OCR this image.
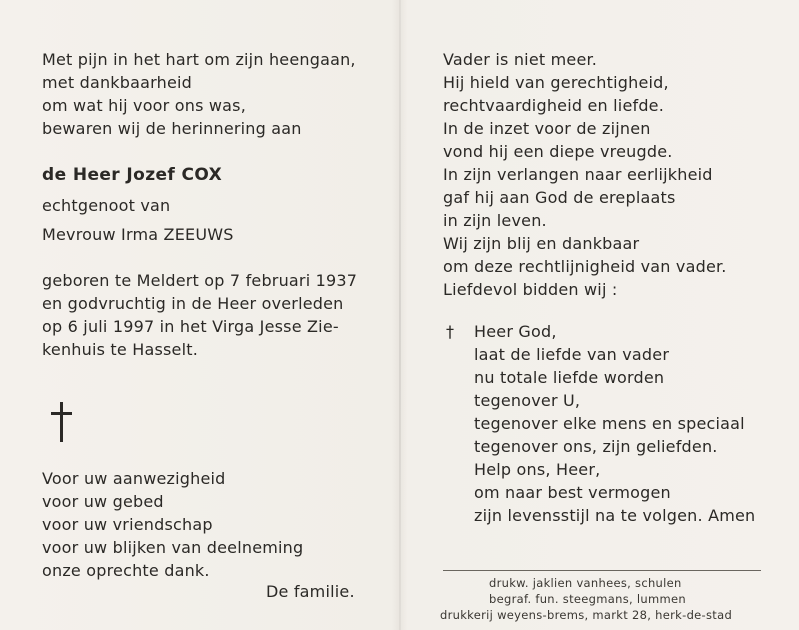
Met pijn in het hart om zijn heengaan,
met dankbaarheid
om wat hij voor ons was,
bewaren wij de herinnering aan
de Heer Jozef COX
echtgenoot van
Mevrouw Irma ZEEUWS
geboren te Meldert op 7 februari 1937
en godvruchtig in de Heer overleden
op 6 juli 1997 in het Virga Jesse Zie-
kenhuis te Hasselt.
Voor uw aanwezigheid
voor uw gebed
voor uw vriendschap
voor uw blijken van deelneming
onze oprechte dank.
De familie.
Vader is niet meer.
Hij hield van gerechtigheid,
rechtvaardigheid en liefde.
In de inzet voor de zijnen
vond hij een diepe vreugde.
In zijn verlangen naar eerlijkheid
gaf hij aan God de ereplaats
in zijn leven.
Wij zijn blij en dankbaar
om deze rechtlijnigheid van vader.
Liefdevol bidden wij :
† Heer God,
laat de liefde van vader
nu totale liefde worden
tegenover U,
tegenover elke mens en speciaal
tegenover ons, zijn geliefden.
Help ons, Heer,
om naar best vermogen
zijn levensstijl na te volgen. Amen
drukw. jaklien vanhees, schulen
begraf. fun. steegmans, lummen
drukkerij weyens-brems, markt 28, herk-de-stad
